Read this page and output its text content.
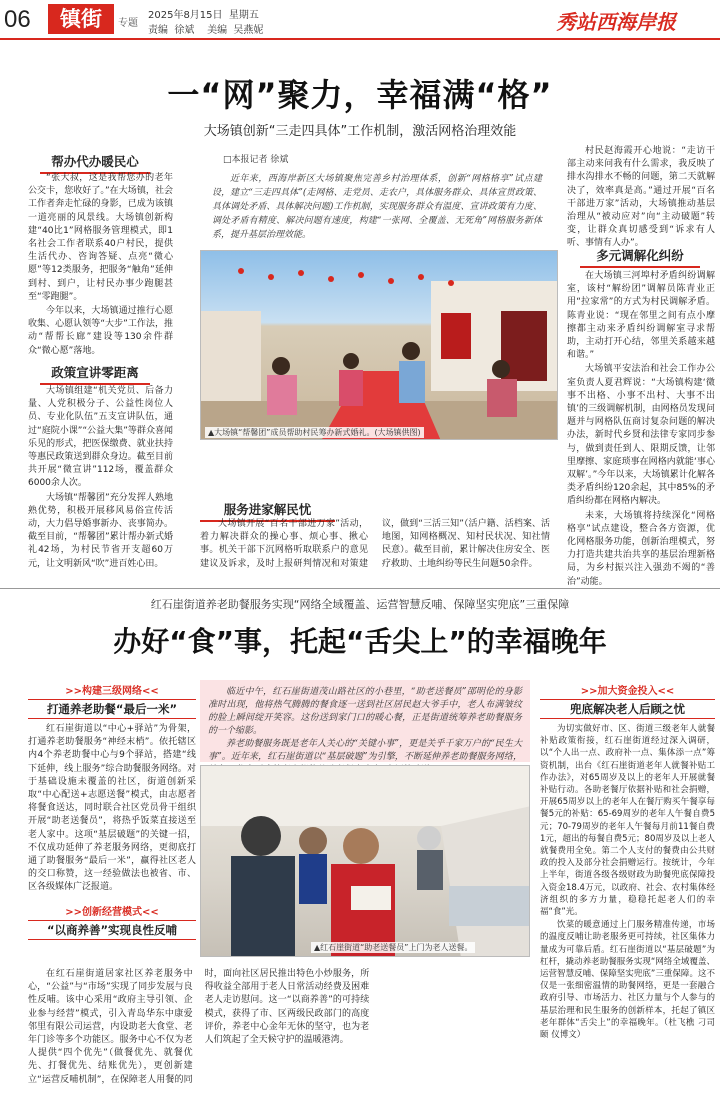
06	镇街	专题
2025年8月15日  星期五
责编  徐斌    美编  吴燕妮	秀站西海岸报
一“网”聚力，幸福满“格”
大场镇创新“三走四具体”工作机制，激活网格治理效能
帮办代办暖民心

“张大叔，这是我帮您办的老年公交卡，您收好了。”在大场镇，社会工作者奔走忙碌的身影，已成为该镇一道亮丽的风景线。大场镇创新构建“40比1”网格服务管理模式，即1名社会工作者联系40户村民，提供生活代办、咨询答疑、点亮“微心愿”等12类服务，把服务“触角”延伸到村、到户，让村民办事少跑腿甚至“零跑腿”。

今年以来，大场镇通过推行心愿收集、心愿认领等“大步”工作法，推动“帮帮长廊”建设等130余件群众“微心愿”落地。

政策宣讲零距离

大场镇组建“机关党员、后备力量、人党积极分子、公益性岗位人员、专业化队伍”五支宣讲队伍，通过“庭院小课”“公益大集”等群众喜闻乐见的形式，把医保缴费、就业扶持等惠民政策送到群众身边。截至目前共开展“微宣讲”112场，覆盖群众6000余人次。

大场镇“帮馨团”充分发挥人熟地熟优势，积极开展移风易俗宣传活动，大力倡导婚事新办、丧事简办。截至目前，“帮馨团”累计帮办新式婚礼42场，为村民节省开支超60万元，让文明新风“吹”进百姓心田。

□本报记者 徐斌
近年来，西海岸新区大场镇聚焦完善乡村治理体系，创新“网格格享”试点建设，建立“三走四具体”(走网格、走党员、走农户，具体服务群众、具体宣贯政策、具体调处矛盾、具体解决问题)工作机制，实现服务群众有温度、宣讲政策有力度、调处矛盾有精度、解决问题有速度，构建“一张网、全覆盖、无死角”网格服务新体系，提升基层治理效能。
▲大场镇“帮馨团”成员帮助村民筹办新式婚礼。(大场镇供图)
服务进家解民忧

大场镇开展“百名干部进万家”活动，着力解决群众的操心事、烦心事、揪心事。机关干部下沉网格听取联系户的意见建议及诉求，及时上报研判情况和对策建议，做到“三活三知”（活户籍、活档案、活地图，知网格概况、知村民状况、知社情民意）。截至目前，累计解决住房安全、医疗救助、土地纠纷等民生问题50余件。

村民赵海霞开心地说：“走访干部主动来问我有什么需求，我反映了排水沟排水不畅的问题，第二天就解决了，效率真是高。”通过开展“百名干部进万家”活动，大场镇推动基层治理从“被动应对”向“主动破题”转变，让群众真切感受到“诉求有人听、事情有人办”。

多元调解化纠纷

在大场镇三河埠村矛盾纠纷调解室，该村“解纷团”调解员陈青业正用“拉家常”的方式为村民调解矛盾。陈青业说：“现在邻里之间有点小摩擦都主动来矛盾纠纷调解室寻求帮助，主动打开心结，邻里关系越来越和谐。”

大场镇平安法治和社会工作办公室负责人夏君辉说：“大场镇构建‘微事不出格、小事不出村、大事不出镇’的三级调解机制，由网格员发现问题并与网格队伍商讨复杂问题的解决办法，新时代乡贤和法律专家同步参与，做到责任到人、限期反馈，让邻里摩擦、家庭琐事在网格内就能‘事心双解’。”今年以来，大场镇累计化解各类矛盾纠纷120余起，其中85%的矛盾纠纷都在网格内解决。

未来，大场镇将持续深化“网格格享”试点建设，整合各方资源，优化网格服务功能，创新治理模式，努力打造共建共治共享的基层治理新格局，为乡村振兴注入强劲不竭的“善治”动能。

红石崖街道养老助餐服务实现“网络全域覆盖、运营智慧反哺、保障坚实兜底”三重保障
办好“食”事，托起“舌尖上”的幸福晚年
>>构建三级网络<<
打通养老助餐“最后一米”

红石崖街道以“中心+驿站”为骨架，打通养老助餐服务“神经末梢”。依托辖区内4个养老助餐中心与9个驿站，搭建“线下延伸，线上服务”综合助餐服务网络。对于基础设施未覆盖的社区，街道创新采取“中心配送+志愿送餐”模式，由志愿者将餐食送达，同时联合社区党员骨干组织开展“助老送餐员”，将热乎饭菜直接送至老人家中。这项“基层破题”的关键一招，不仅成功延伸了养老服务网络，更彻底打通了助餐服务“最后一米”，赢得社区老人的交口称赞，这一经验做法也被省、市、区各级媒体广泛报道。

>>创新经营模式<<
“以商养善”实现良性反哺

在红石崖街道居家社区养老服务中心，“公益”与“市场”实现了同步发展与良性反哺。该中心采用“政府主导引领、企业参与经营”模式，引入青岛华东中康爱邻里有限公司运营，内设助老大食堂、老年门诊等多个功能区。服务中心不仅为老人提供“四个优先”（做餐优先、就餐优先、打餐优先、结账优先），更创新建立“运营反哺机制”，在保障老人用餐的同时，面向社区居民推出特色小炒服务，所得收益全部用于老人日常活动经费及困难老人走访慰问。这一“以商养善”的可持续模式，获得了市、区两级民政部门的高度评价，养老中心金年无休的坚守，也为老人们筑起了全天候守护的温暖港湾。

临近中午，红石崖街道茂山路社区的小巷里，“助老送餐员”邵明伦的身影准时出现，他将热气腾腾的餐食逐一送到社区居民赵大爷手中，老人布满皱纹的脸上瞬间绽开笑容。这份送到家门口的暖心餐，正是街道统筹养老助餐服务的一个缩影。
养老助餐服务既是老年人关心的“关键小事”，更是关乎千家万户的“民生大事”。近年来，红石崖街道以“基层破题”为引擎，不断延伸养老助餐服务网络，
▲红石崖街道“助老送餐员”上门为老人送餐。
>>加大资金投入<<
兜底解决老人后顾之忧

为切实做好市、区、街道三级老年人就餐补贴政策衔接，红石崖街道经过深入调研，以“个人出一点、政府补一点、集体添一点”筹资机制，出台《红石崖街道老年人就餐补贴工作办法》，对65周岁及以上的老年人开展就餐补贴行动。各助老餐厅依据补贴和社会捐赠，开展65周岁以上的老年人在餐厅购买午餐享每餐5元的补贴：65-69周岁的老年人午餐自费5元；70-79周岁的老年人午餐每月前11餐自费1元，超出的每餐自费5元；80周岁及以上老人就餐费用全免。第二个人支付的餐费由公共财政的投入及部分社会捐赠运行。按统计，今年上半年，街道各级各级财政为助餐兜底保障投入资金18.4万元，以政府、社会、农村集体经济组织的多方力量，稳稳托起老人们的幸福“食”光。

饮菜的暖意通过上门服务精准传递，市场的温度反哺让助老服务更可持续，社区集体力量成为可靠后盾。红石崖街道以“基层破题”为杠杆，撬动养老助餐服务实现“网络全域覆盖、运营智慧反哺、保障坚实兜底”三重保障。这不仅是一张细密温情的助餐网络，更是一套融合政府引导、市场活力、社区力量与个人参与的基层治理和民生服务的创新样本，托起了镇区老年群体“舌尖上”的幸福晚年。（杜飞樵 刁司颐 仪博文）
